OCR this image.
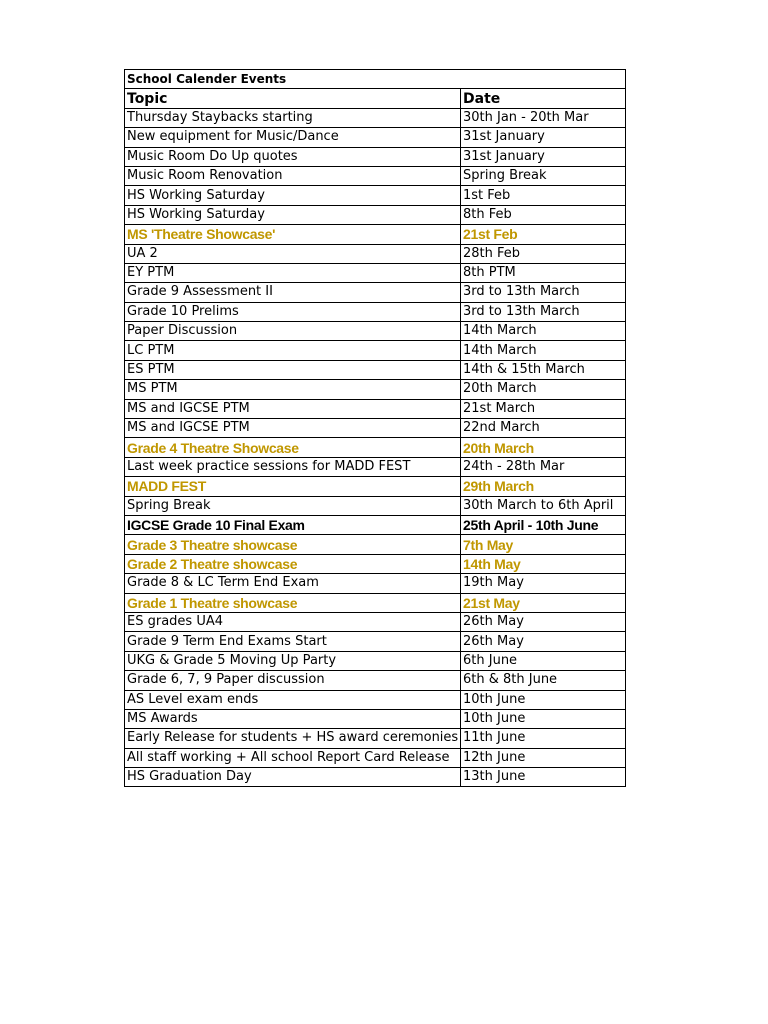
School Calender Events	
Topic	Date
Thursday Staybacks starting	30th Jan - 20th Mar
New equipment for Music/Dance	31st January
Music Room Do Up quotes	31st January
Music Room Renovation	Spring Break
HS Working Saturday	1st Feb
HS Working Saturday	8th Feb
MS 'Theatre Showcase'	21st Feb
UA 2	28th Feb
EY PTM	8th PTM
Grade 9 Assessment II	3rd to 13th March
Grade 10 Prelims	3rd to 13th March
Paper Discussion	14th March
LC PTM	14th March
ES PTM	14th & 15th March
MS PTM	20th March
MS and IGCSE PTM	21st March
MS and IGCSE PTM	22nd March
Grade 4 Theatre Showcase	20th March
Last week practice sessions for MADD FEST	24th - 28th Mar
MADD FEST	29th March
Spring Break	30th March to 6th April
IGCSE Grade 10 Final Exam	25th April - 10th June
Grade 3 Theatre showcase	7th May
Grade 2 Theatre showcase	14th May
Grade 8 & LC Term End Exam	19th May
Grade 1 Theatre showcase	21st May
ES grades UA4	26th May
Grade 9 Term End Exams Start	26th May
UKG & Grade 5 Moving Up Party	6th June
Grade 6, 7, 9 Paper discussion	6th & 8th June
AS Level exam ends	10th June
MS Awards	10th June
Early Release for students + HS award ceremonies	11th June
All staff working + All school Report Card Release	12th June
HS Graduation Day	13th June
